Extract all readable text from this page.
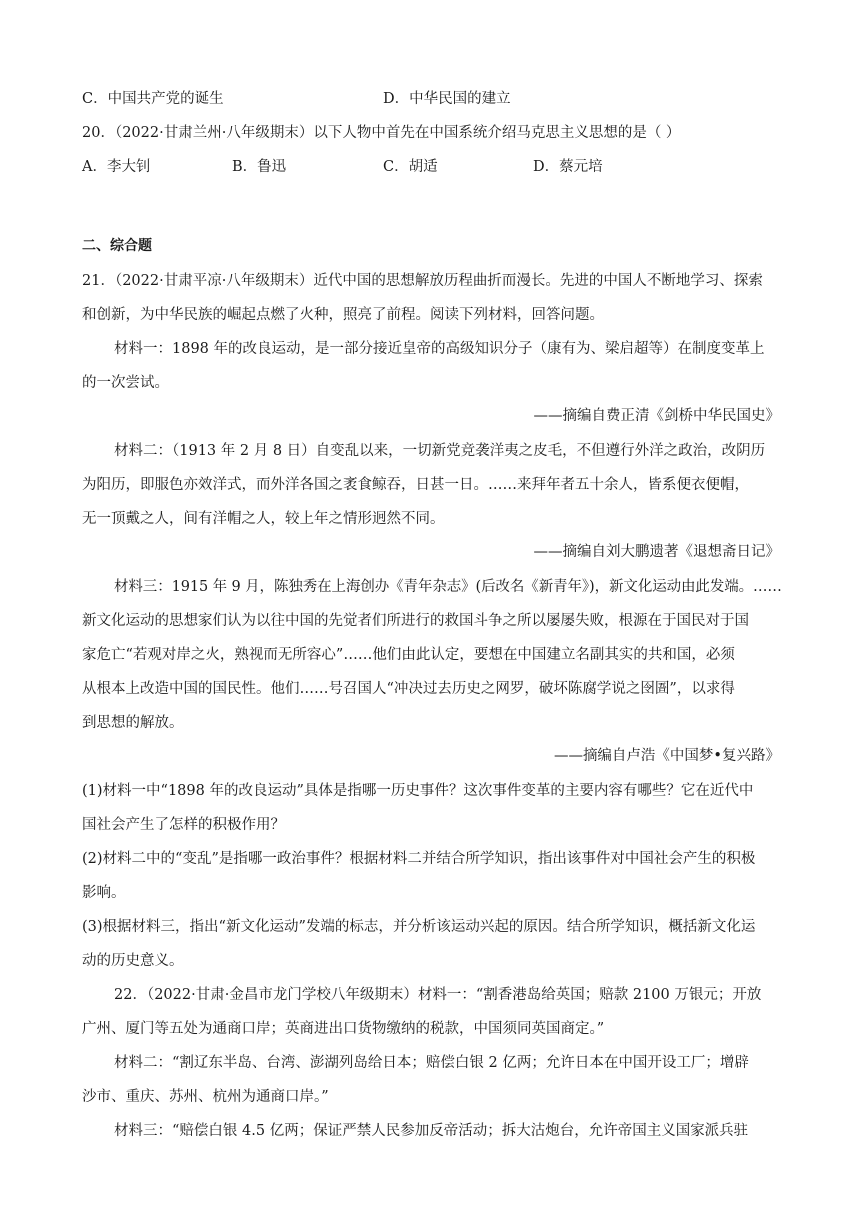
C．中国共产党的诞生	D．中华民国的建立
20．（2022·甘肃兰州·八年级期末）以下人物中首先在中国系统介绍马克思主义思想的是（ ）
A．李大钊	B．鲁迅	C．胡适	D．蔡元培
二、综合题
21．（2022·甘肃平凉·八年级期末）近代中国的思想解放历程曲折而漫长。先进的中国人不断地学习、探索
和创新，为中华民族的崛起点燃了火种，照亮了前程。阅读下列材料，回答问题。
材料一：1898 年的改良运动，是一部分接近皇帝的高级知识分子（康有为、梁启超等）在制度变革上
的一次尝试。
——摘编自费正清《剑桥中华民国史》
材料二：（1913 年 2 月 8 日）自变乱以来，一切新党竞袭洋夷之皮毛，不但遵行外洋之政治，改阴历
为阳历，即服色亦效洋式，而外洋各国之袤食鲸吞，日甚一日。……来拜年者五十余人，皆系便衣便帽，
无一顶戴之人，间有洋帽之人，较上年之情形迥然不同。
——摘编自刘大鹏遗著《退想斋日记》
材料三：1915 年 9 月，陈独秀在上海创办《青年杂志》(后改名《新青年》)，新文化运动由此发端。……
新文化运动的思想家们认为以往中国的先觉者们所进行的救国斗争之所以屡屡失败，根源在于国民对于国
家危亡“若观对岸之火，熟视而无所容心”……他们由此认定，要想在中国建立名副其实的共和国，必须
从根本上改造中国的国民性。他们……号召国人“冲决过去历史之网罗，破坏陈腐学说之囹圄”，以求得
到思想的解放。
——摘编自卢浩《中国梦•复兴路》
(1)材料一中“1898 年的改良运动”具体是指哪一历史事件？这次事件变革的主要内容有哪些？它在近代中
国社会产生了怎样的积极作用？
(2)材料二中的“变乱”是指哪一政治事件？根据材料二并结合所学知识，指出该事件对中国社会产生的积极
影响。
(3)根据材料三，指出“新文化运动”发端的标志，并分析该运动兴起的原因。结合所学知识，概括新文化运
动的历史意义。
22．（2022·甘肃·金昌市龙门学校八年级期末）材料一：“割香港岛给英国；赔款 2100 万银元；开放
广州、厦门等五处为通商口岸；英商进出口货物缴纳的税款，中国须同英国商定。”
材料二：“割辽东半岛、台湾、澎湖列岛给日本；赔偿白银 2 亿两；允许日本在中国开设工厂；增辟
沙市、重庆、苏州、杭州为通商口岸。”
材料三：“赔偿白银 4.5 亿两；保证严禁人民参加反帝活动；拆大沽炮台，允许帝国主义国家派兵驻
